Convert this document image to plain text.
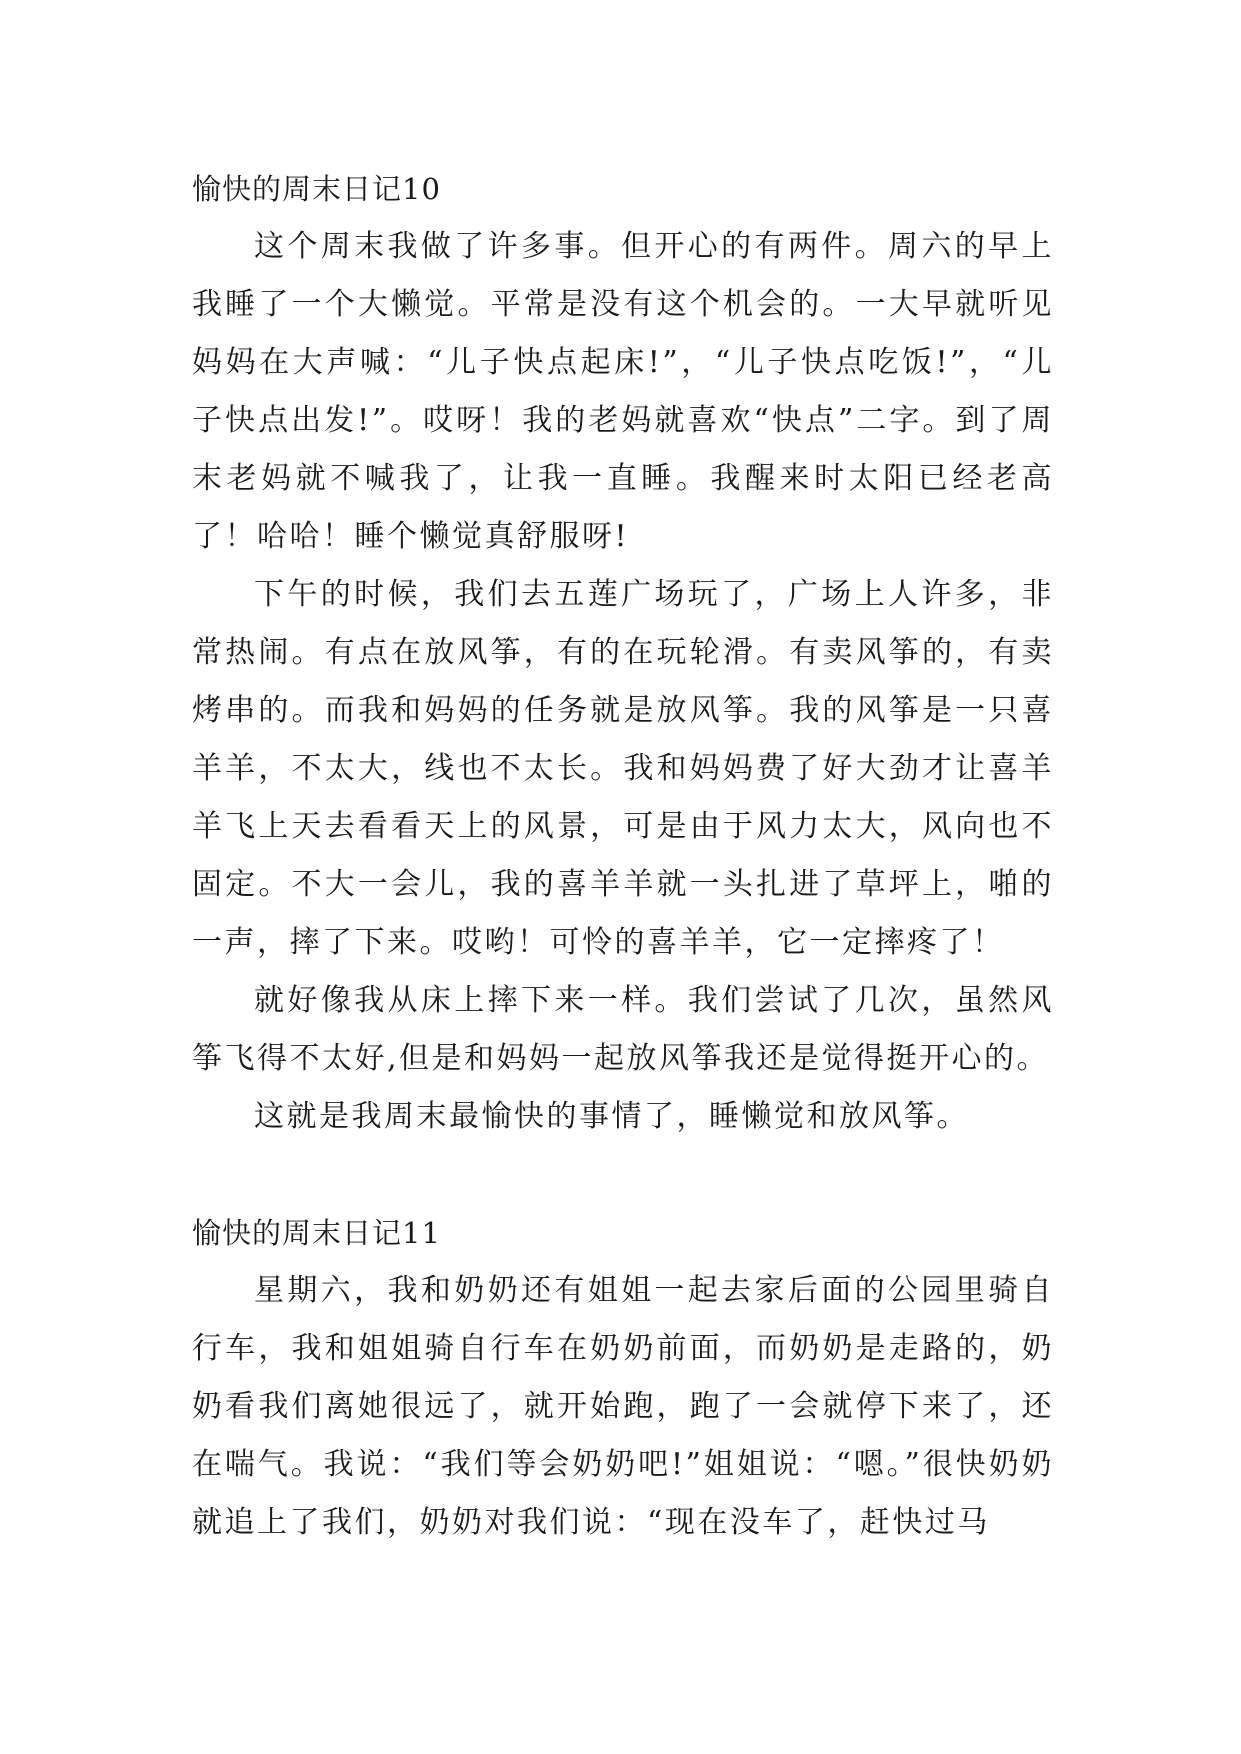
愉快的周末日记10

这个周末我做了许多事。但开心的有两件。周六的早上我睡了一个大懒觉。平常是没有这个机会的。一大早就听见妈妈在大声喊：“儿子快点起床!”，“儿子快点吃饭!”，“儿子快点出发!”。哎呀！我的老妈就喜欢“快点”二字。到了周末老妈就不喊我了，让我一直睡。我醒来时太阳已经老高了！哈哈！睡个懒觉真舒服呀!

下午的时候，我们去五莲广场玩了，广场上人许多，非常热闹。有点在放风筝，有的在玩轮滑。有卖风筝的，有卖烤串的。而我和妈妈的任务就是放风筝。我的风筝是一只喜羊羊，不太大，线也不太长。我和妈妈费了好大劲才让喜羊羊飞上天去看看天上的风景，可是由于风力太大，风向也不固定。不大一会儿，我的喜羊羊就一头扎进了草坪上，啪的一声，摔了下来。哎哟！可怜的喜羊羊，它一定摔疼了！

就好像我从床上摔下来一样。我们尝试了几次，虽然风筝飞得不太好,但是和妈妈一起放风筝我还是觉得挺开心的。

这就是我周末最愉快的事情了，睡懒觉和放风筝。

愉快的周末日记11

星期六，我和奶奶还有姐姐一起去家后面的公园里骑自行车，我和姐姐骑自行车在奶奶前面，而奶奶是走路的，奶奶看我们离她很远了，就开始跑，跑了一会就停下来了，还在喘气。我说：“我们等会奶奶吧!”姐姐说：“嗯。”很快奶奶就追上了我们，奶奶对我们说：“现在没车了，赶快过马
